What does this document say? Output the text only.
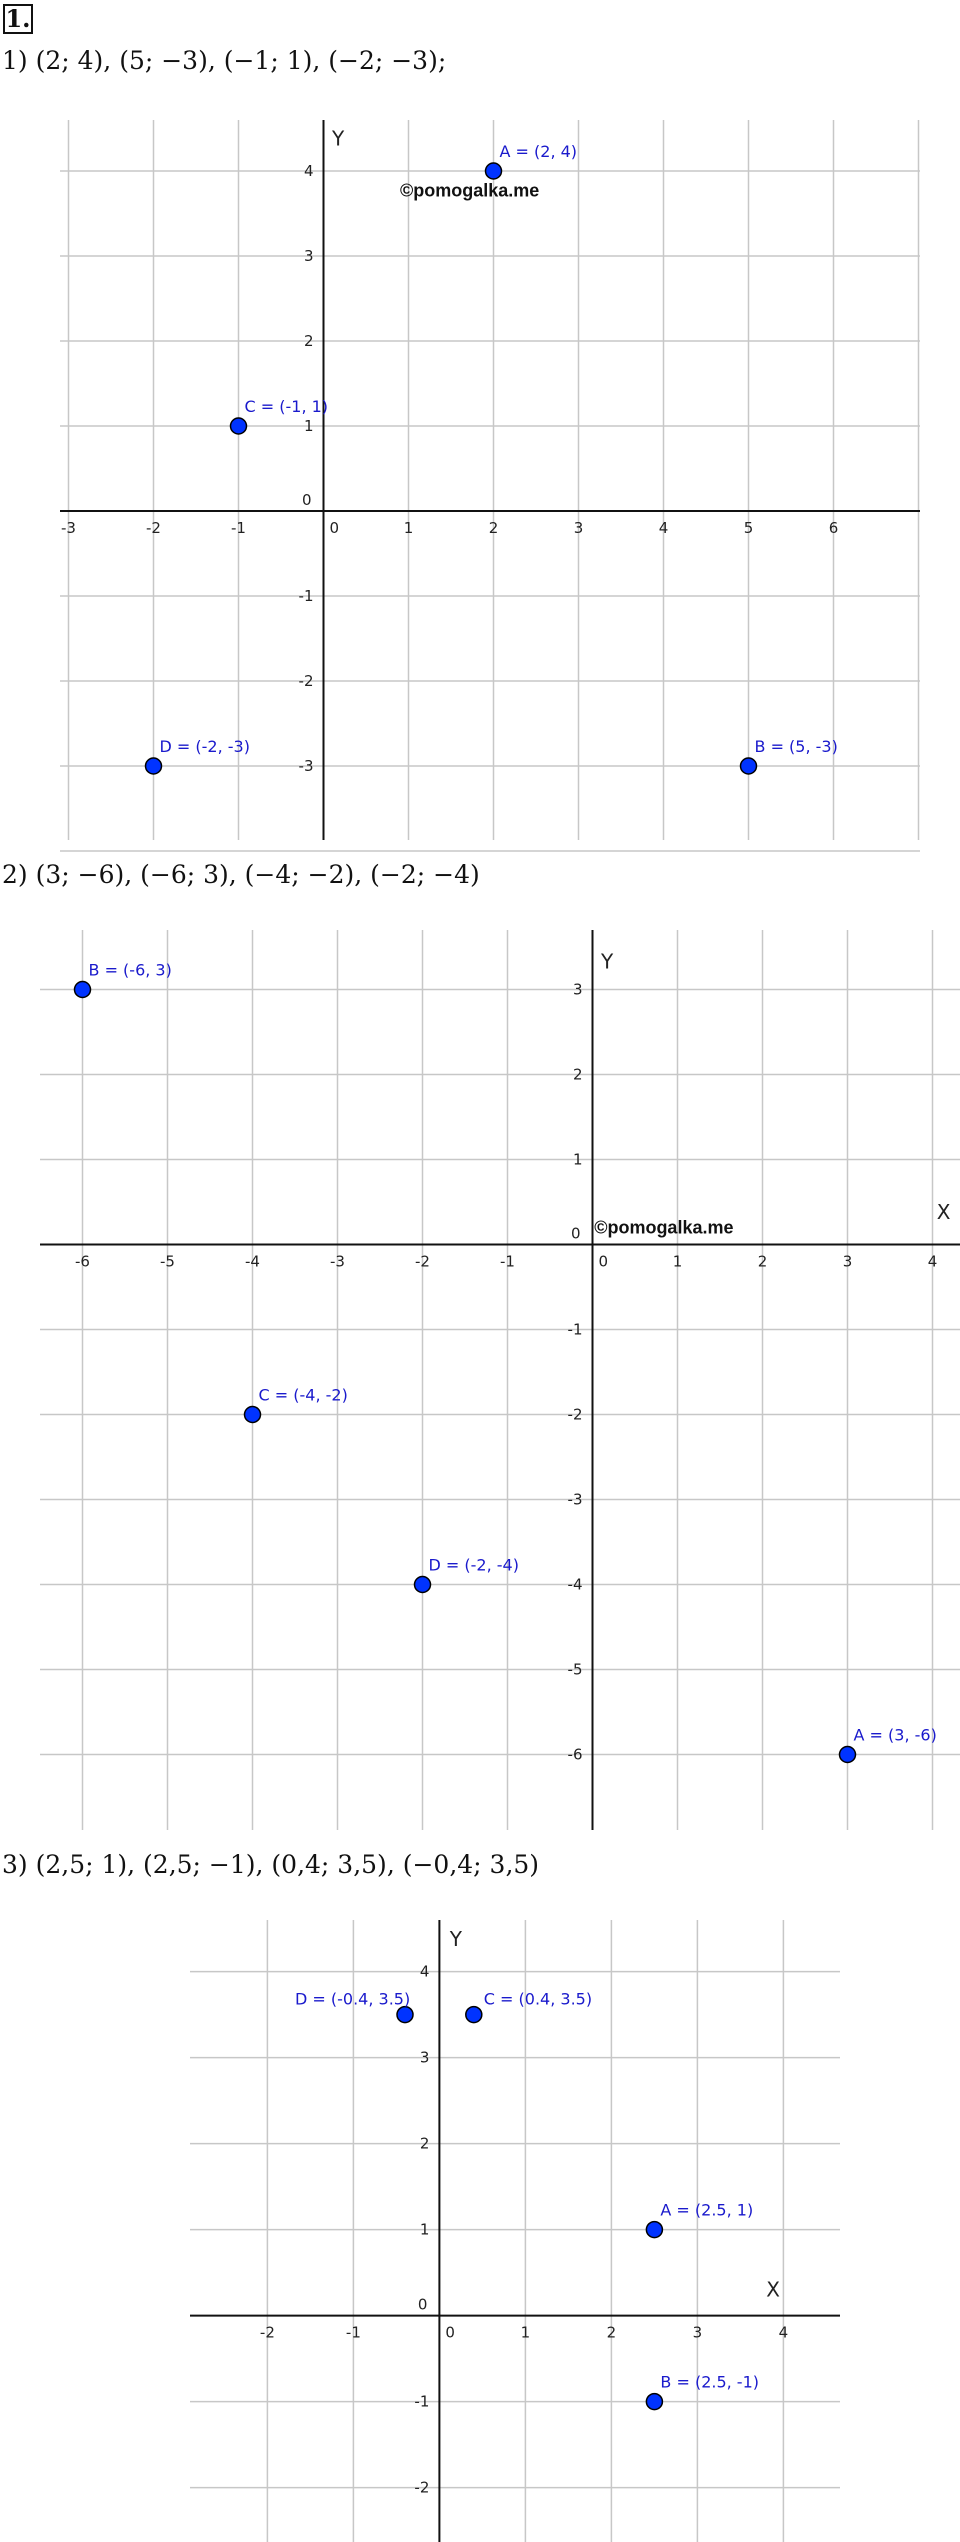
1.
1) (2; 4), (5; −3), (−1; 1), (−2; −3);
2) (3; −6), (−6; 3), (−4; −2), (−2; −4)
3) (2,5; 1), (2,5; −1), (0,4; 3,5), (−0,4; 3,5)
-3	-2	-1	0	1	2	3	4	5	6
-3
-2
-1
0
1
2
3
4
Y
©pomogalka.me
A = (2, 4)
B = (5, -3)
C = (-1, 1)
D = (-2, -3)
-6	-5	-4	-3	-2	-1	0	1	2	3	4
-6
-5
-4
-3
-2
-1
0
1
2
3
X
Y
©pomogalka.me
A = (3, -6)
B = (-6, 3)
C = (-4, -2)
D = (-2, -4)
-2	-1	0	1	2	3	4
-2
-1
0
1
2
3
4
X
Y
A = (2.5, 1)
B = (2.5, -1)
C = (0.4, 3.5)
D = (-0.4, 3.5)
